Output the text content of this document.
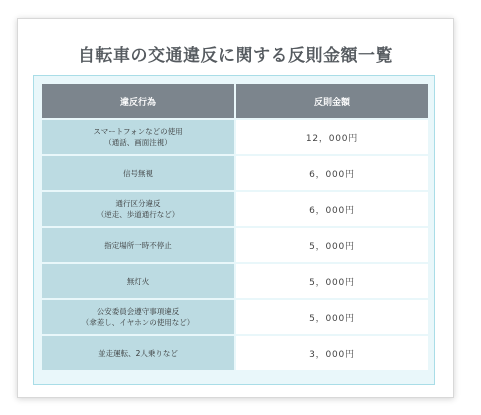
自転車の交通違反に関する反則金額一覧
違反行為	反則金額

スマートフォンなどの使用
（通話、画面注視）	12，000円

信号無視	6，000円

通行区分違反
（逆走、歩道通行など）	6，000円

指定場所一時不停止	5，000円

無灯火	5，000円

公安委員会遵守事項違反
（傘差し、イヤホンの使用など）	5，000円

並走運転、2人乗りなど	3，000円
